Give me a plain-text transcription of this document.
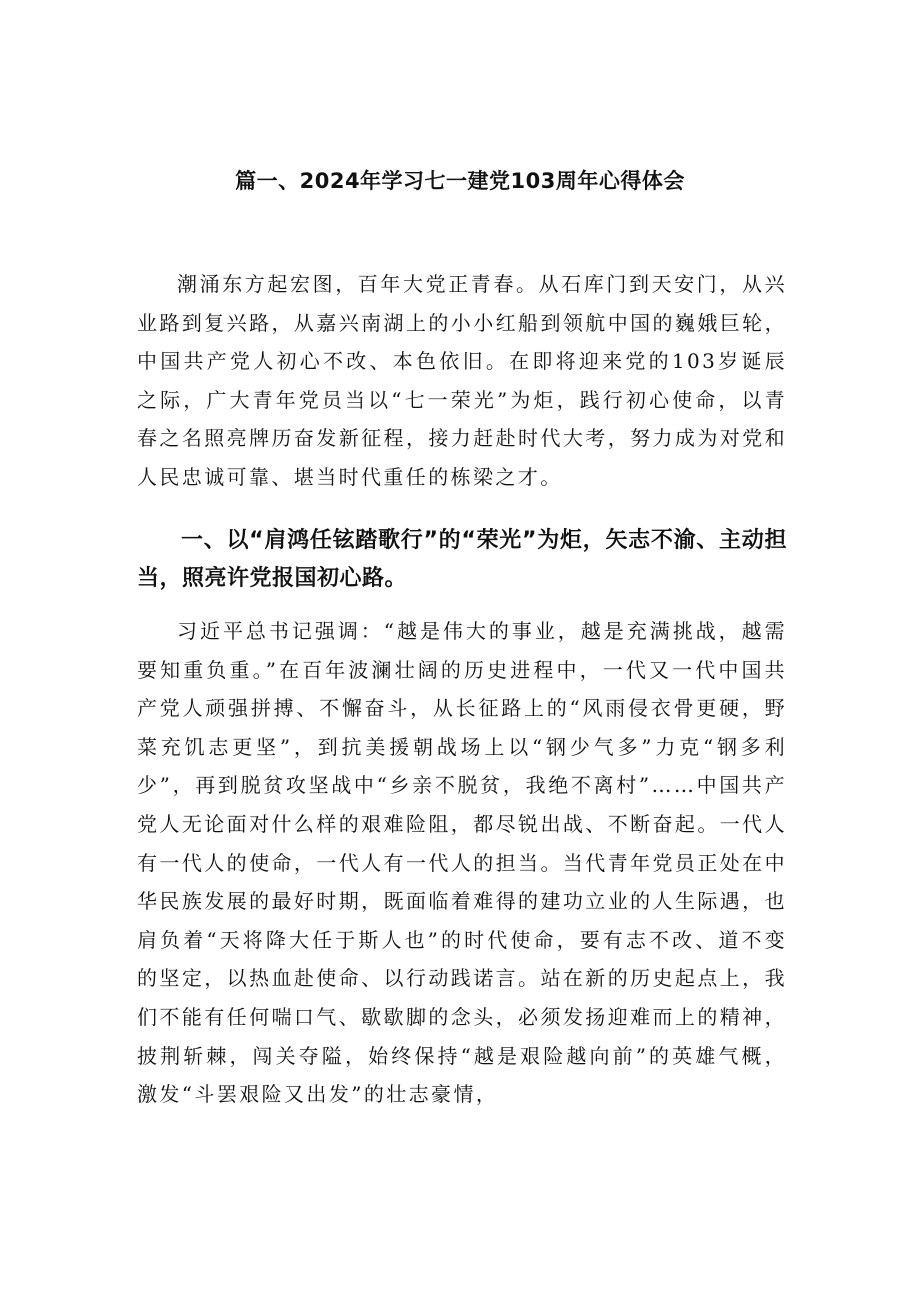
篇一、2024年学习七一建党103周年心得体会

潮涌东方起宏图，百年大党正青春。从石库门到天安门，从兴业路到复兴路，从嘉兴南湖上的小小红船到领航中国的巍娥巨轮，中国共产党人初心不改、本色依旧。在即将迎来党的103岁诞辰之际，广大青年党员当以“七一荣光”为炬，践行初心使命，以青春之名照亮牌历奋发新征程，接力赶赴时代大考，努力成为对党和人民忠诚可靠、堪当时代重任的栋梁之才。

一、以“肩鸿任铉踏歌行”的“荣光”为炬，矢志不渝、主动担当，照亮许党报国初心路。

习近平总书记强调：“越是伟大的事业，越是充满挑战，越需要知重负重。”在百年波澜壮阔的历史进程中，一代又一代中国共产党人顽强拼搏、不懈奋斗，从长征路上的“风雨侵衣骨更硬，野菜充饥志更坚”，到抗美援朝战场上以“钢少气多”力克“钢多利少”，再到脱贫攻坚战中“乡亲不脱贫，我绝不离村”……中国共产党人无论面对什么样的艰难险阻，都尽锐出战、不断奋起。一代人有一代人的使命，一代人有一代人的担当。当代青年党员正处在中华民族发展的最好时期，既面临着难得的建功立业的人生际遇，也肩负着“天将降大任于斯人也”的时代使命，要有志不改、道不变的坚定，以热血赴使命、以行动践诺言。站在新的历史起点上，我们不能有任何喘口气、歇歇脚的念头，必须发扬迎难而上的精神，披荆斩棘，闯关夺隘，始终保持“越是艰险越向前”的英雄气概，激发“斗罢艰险又出发”的壮志豪情，
